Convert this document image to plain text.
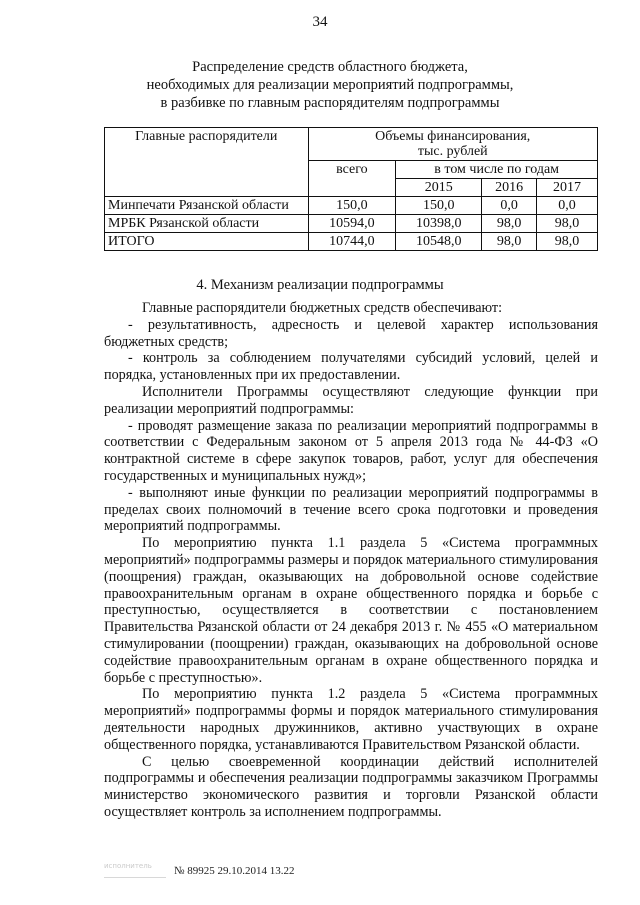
34
Распределение средств областного бюджета,
необходимых для реализации мероприятий подпрограммы,
в разбивке по главным распорядителям подпрограммы
Главные распорядители	Объемы финансирования,
тыс. рублей			

	всего	в том числе по годам		
		2015	2016	2017
Минпечати Рязанской области	150,0	150,0	0,0	0,0
МРБК Рязанской области	10594,0	10398,0	98,0	98,0
ИТОГО	10744,0	10548,0	98,0	98,0
4. Механизм реализации подпрограммы

Главные распорядители бюджетных средств обеспечивают:

- результативность, адресность и целевой характер использования бюджетных средств;

- контроль за соблюдением получателями субсидий условий, целей и порядка, установленных при их предоставлении.

Исполнители Программы осуществляют следующие функции при реализации мероприятий подпрограммы:

- проводят размещение заказа по реализации мероприятий подпрограммы в соответствии с Федеральным законом от 5 апреля 2013 года № 44-ФЗ «О контрактной системе в сфере закупок товаров, работ, услуг для обеспечения государственных и муниципальных нужд»;

- выполняют иные функции по реализации мероприятий подпрограммы в пределах своих полномочий в течение всего срока подготовки и проведения мероприятий подпрограммы.

По мероприятию пункта 1.1 раздела 5 «Система программных мероприятий» подпрограммы размеры и порядок материального стимулирования (поощрения) граждан, оказывающих на добровольной основе содействие правоохранительным органам в охране общественного порядка и борьбе с преступностью, осуществляется в соответствии с постановлением Правительства Рязанской области от 24 декабря 2013 г. № 455 «О материальном стимулировании (поощрении) граждан, оказывающих на добровольной основе содействие правоохранительным органам в охране общественного порядка и борьбе с преступностью».

По мероприятию пункта 1.2 раздела 5 «Система программных мероприятий» подпрограммы формы и порядок материального стимулирования деятельности народных дружинников, активно участвующих в охране общественного порядка, устанавливаются Правительством Рязанской области.

С целью своевременной координации действий исполнителей подпрограммы и обеспечения реализации подпрограммы заказчиком Программы министерство экономического развития и торговли Рязанской области осуществляет контроль за исполнением подпрограммы.

исполнитель	№ 89925 29.10.2014 13.22
